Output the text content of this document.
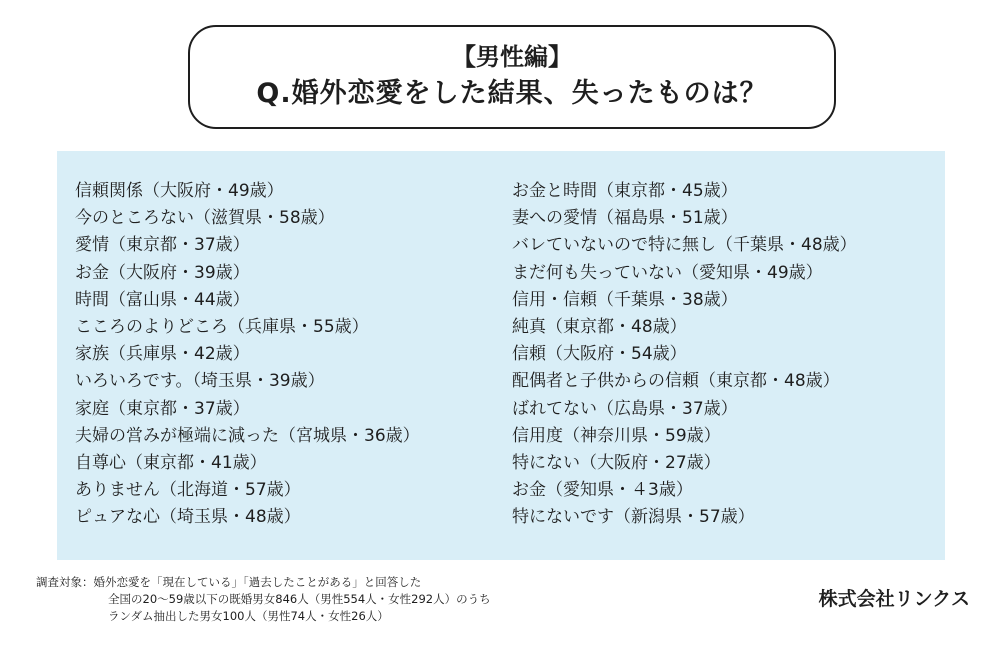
【男性編】
Q.婚外恋愛をした結果、失ったものは？
信頼関係（大阪府・49歳）
今のところない（滋賀県・58歳）
愛情（東京都・37歳）
お金（大阪府・39歳）
時間（富山県・44歳）
こころのよりどころ（兵庫県・55歳）
家族（兵庫県・42歳）
いろいろです。（埼玉県・39歳）
家庭（東京都・37歳）
夫婦の営みが極端に減った（宮城県・36歳）
自尊心（東京都・41歳）
ありません（北海道・57歳）
ピュアな心（埼玉県・48歳）
お金と時間（東京都・45歳）
妻への愛情（福島県・51歳）
バレていないので特に無し（千葉県・48歳）
まだ何も失っていない（愛知県・49歳）
信用・信頼（千葉県・38歳）
純真（東京都・48歳）
信頼（大阪府・54歳）
配偶者と子供からの信頼（東京都・48歳）
ばれてない（広島県・37歳）
信用度（神奈川県・59歳）
特にない（大阪府・27歳）
お金（愛知県・４3歳）
特にないです（新潟県・57歳）
調査対象：婚外恋愛を「現在している」「過去したことがある」と回答した
全国の20〜59歳以下の既婚男女846人（男性554人・女性292人）のうち
ランダム抽出した男女100人（男性74人・女性26人）
株式会社リンクス
